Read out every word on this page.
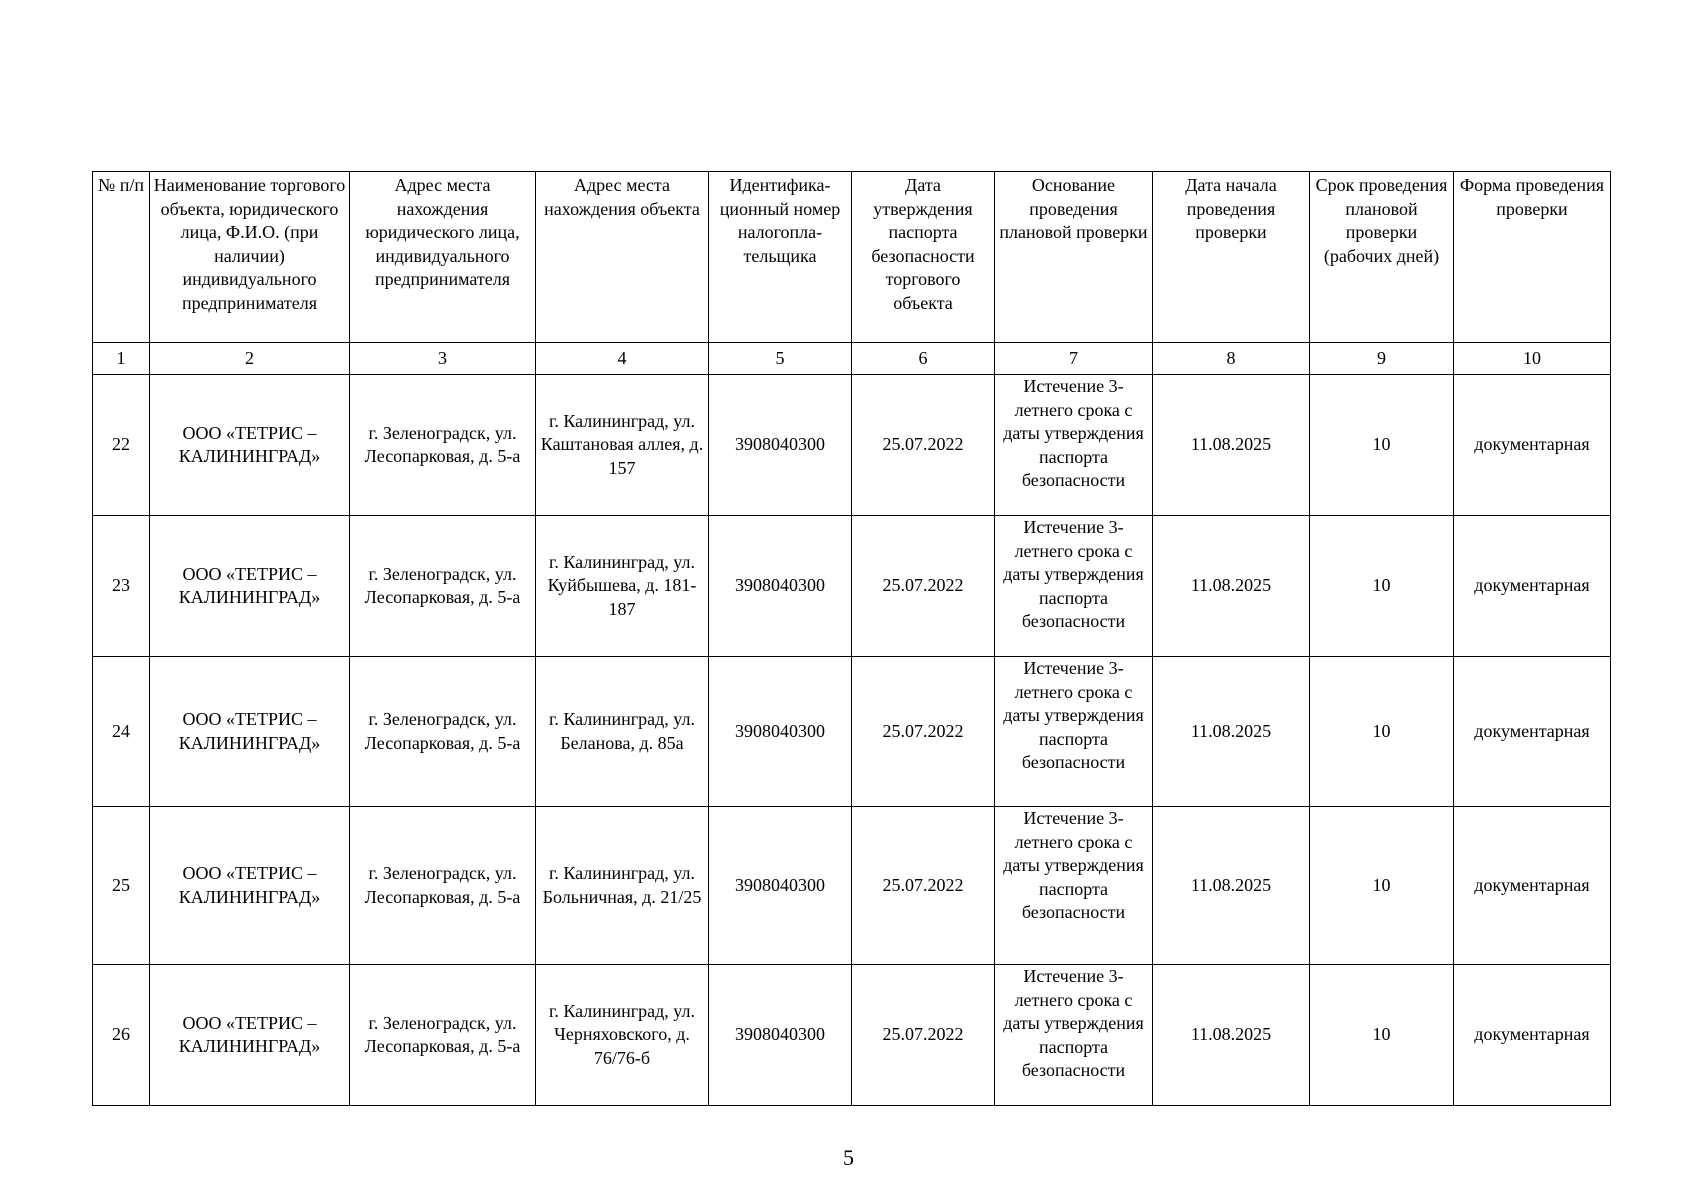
№ п/п	Наименование торгового объекта, юридического лица, Ф.И.О. (при наличии) индивидуального предпринимателя	Адрес места нахождения юридического лица, индивидуального предпринимателя	Адрес места нахождения объекта	Идентифика-ционный номер налогопла-тельщика	Дата утверждения паспорта безопасности торгового объекта	Основание проведения плановой проверки	Дата начала проведения проверки	Срок проведения плановой проверки (рабочих дней)	Форма проведения проверки
1	2	3	4	5	6	7	8	9	10
22	ООО «ТЕТРИС – КАЛИНИНГРАД»	г. Зеленоградск, ул. Лесопарковая, д. 5-а	г. Калининград, ул. Каштановая аллея, д. 157	3908040300	25.07.2022	Истечение 3-летнего срока с даты утверждения паспорта безопасности	11.08.2025	10	документарная
23	ООО «ТЕТРИС – КАЛИНИНГРАД»	г. Зеленоградск, ул. Лесопарковая, д. 5-а	г. Калининград, ул. Куйбышева, д. 181-187	3908040300	25.07.2022	Истечение 3-летнего срока с даты утверждения паспорта безопасности	11.08.2025	10	документарная
24	ООО «ТЕТРИС – КАЛИНИНГРАД»	г. Зеленоградск, ул. Лесопарковая, д. 5-а	г. Калининград, ул. Беланова, д. 85а	3908040300	25.07.2022	Истечение 3-летнего срока с даты утверждения паспорта безопасности	11.08.2025	10	документарная
25	ООО «ТЕТРИС – КАЛИНИНГРАД»	г. Зеленоградск, ул. Лесопарковая, д. 5-а	г. Калининград, ул. Больничная, д. 21/25	3908040300	25.07.2022	Истечение 3-летнего срока с даты утверждения паспорта безопасности	11.08.2025	10	документарная
26	ООО «ТЕТРИС – КАЛИНИНГРАД»	г. Зеленоградск, ул. Лесопарковая, д. 5-а	г. Калининград, ул. Черняховского, д. 76/76-б	3908040300	25.07.2022	Истечение 3-летнего срока с даты утверждения паспорта безопасности	11.08.2025	10	документарная
5
